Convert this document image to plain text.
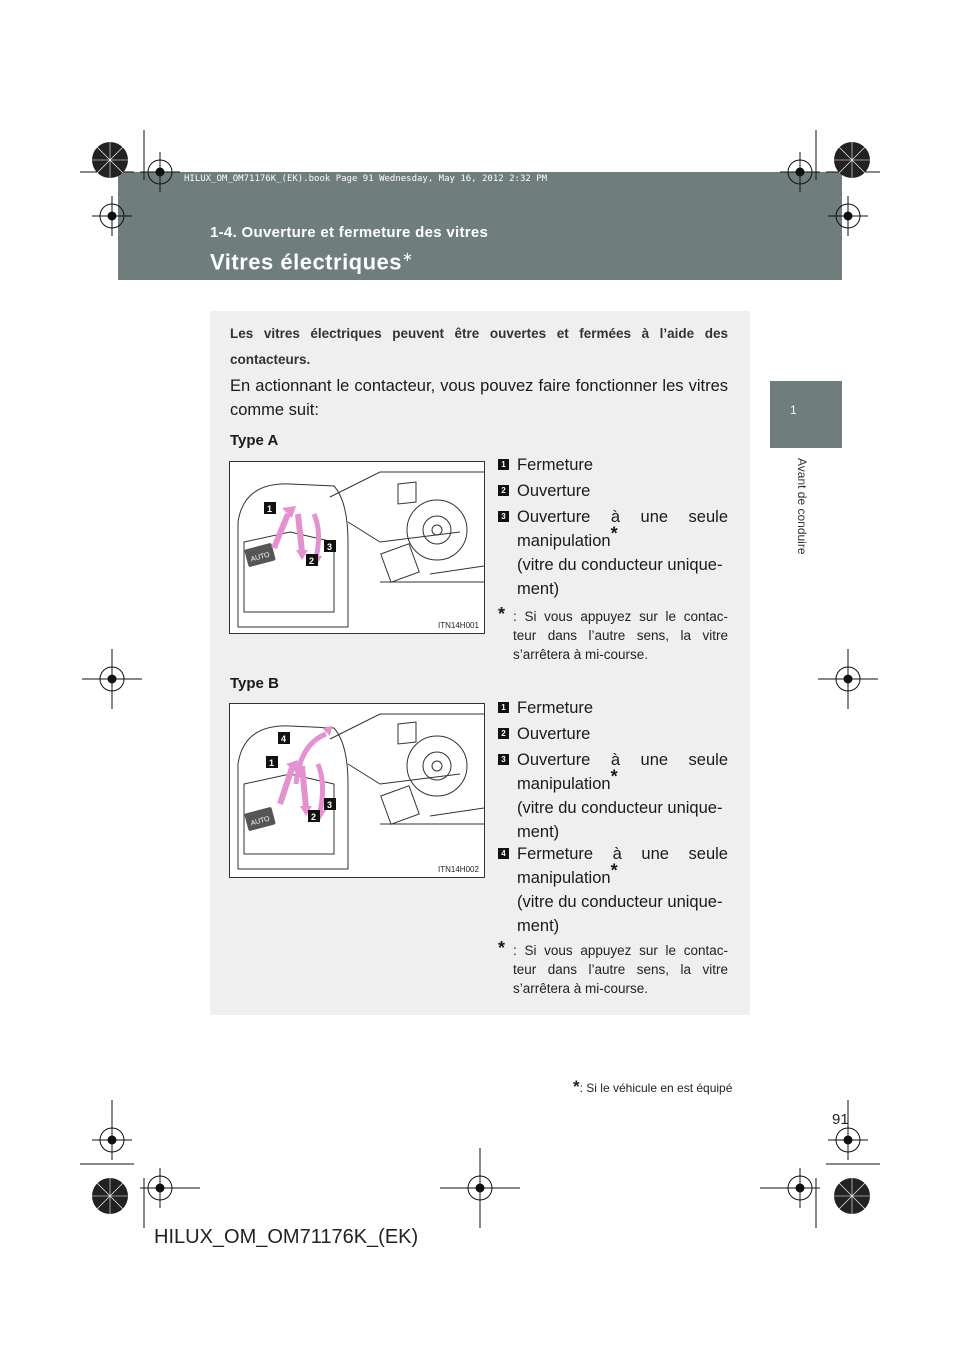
HILUX_OM_OM71176K_(EK).book Page 91 Wednesday, May 16, 2012 2:32 PM
1-4. Ouverture et fermeture des vitres
Vitres électriques∗
1
Avant de conduire
Les vitres électriques peuvent être ouvertes et fermées à l’aide des contacteurs.
En actionnant le contacteur, vous pouvez faire fonctionner les vitres comme suit:
Type A
AUTO
1
2
3
ITN14H001
1 Fermeture
2 Ouverture
3 Ouverture à une seule
manipulation*
(vitre du conducteur unique-
ment)
* : Si vous appuyez sur le contac- teur dans l’autre sens, la vitre s’arrêtera à mi-course.
Type B
AUTO
4
1
2
3
ITN14H002
1 Fermeture
2 Ouverture
3 Ouverture à une seule
manipulation*
(vitre du conducteur unique-
ment)
4 Fermeture à une seule
manipulation*
(vitre du conducteur unique-
ment)
* : Si vous appuyez sur le contac- teur dans l’autre sens, la vitre s’arrêtera à mi-course.
*: Si le véhicule en est équipé
91
HILUX_OM_OM71176K_(EK)
